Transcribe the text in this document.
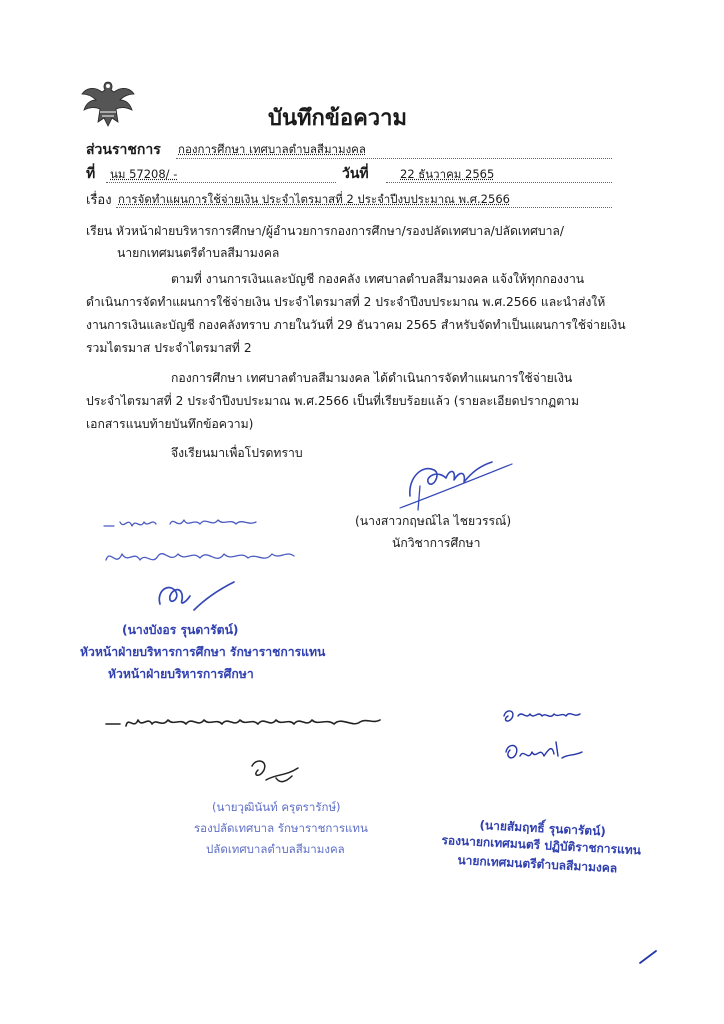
บันทึกข้อความ
ส่วนราชการ กองการศึกษา เทศบาลตำบลสีมามงคล
ที่ นม 57208/ -	วันที่	22 ธันวาคม 2565
เรื่อง การจัดทำแผนการใช้จ่ายเงิน ประจำไตรมาสที่ 2 ประจำปีงบประมาณ พ.ศ.2566
เรียน หัวหน้าฝ่ายบริหารการศึกษา/ผู้อำนวยการกองการศึกษา/รองปลัดเทศบาล/ปลัดเทศบาล/
นายกเทศมนตรีตำบลสีมามงคล
ตามที่ งานการเงินและบัญชี กองคลัง เทศบาลตำบลสีมามงคล แจ้งให้ทุกกองงาน
ดำเนินการจัดทำแผนการใช้จ่ายเงิน ประจำไตรมาสที่ 2 ประจำปีงบประมาณ พ.ศ.2566 และนำส่งให้
งานการเงินและบัญชี กองคลังทราบ ภายในวันที่ 29 ธันวาคม 2565 สำหรับจัดทำเป็นแผนการใช้จ่ายเงิน
รวมไตรมาส ประจำไตรมาสที่ 2
กองการศึกษา เทศบาลตำบลสีมามงคล ได้ดำเนินการจัดทำแผนการใช้จ่ายเงิน
ประจำไตรมาสที่ 2 ประจำปีงบประมาณ พ.ศ.2566 เป็นที่เรียบร้อยแล้ว (รายละเอียดปรากฏตาม
เอกสารแนบท้ายบันทึกข้อความ)
จึงเรียนมาเพื่อโปรดทราบ
(นางสาวกฤษณ์ไล ไชยวรรณ์)
นักวิชาการศึกษา
(นางบังอร รุนดารัตน์)
หัวหน้าฝ่ายบริหารการศึกษา รักษาราชการแทน
หัวหน้าฝ่ายบริหารการศึกษา
(นายวุฒินันท์ ครุตรารักษ์)
รองปลัดเทศบาล รักษาราชการแทน
ปลัดเทศบาลตำบลสีมามงคล
(นายสัมฤทธิ์ รุนดารัตน์)
รองนายกเทศมนตรี ปฏิบัติราชการแทน
นายกเทศมนตรีตำบลสีมามงคล
